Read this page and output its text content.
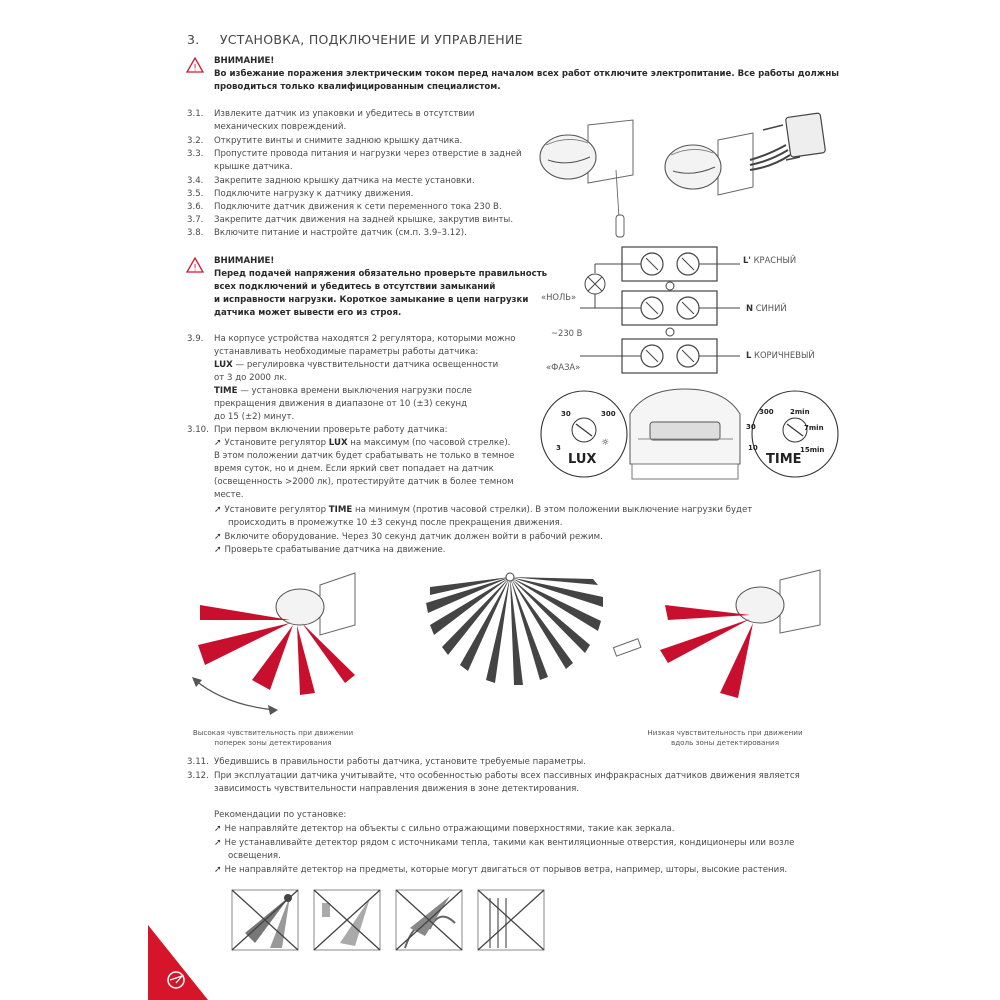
3. УСТАНОВКА, ПОДКЛЮЧЕНИЕ И УПРАВЛЕНИЕ
!
ВНИМАНИЕ!
Во избежание поражения электрическим током перед началом всех работ отключите электропитание. Все работы должны
проводиться только квалифицированным специалистом.
3.1. Извлеките датчик из упаковки и убедитесь в отсутствии
механических повреждений.
3.2. Открутите винты и снимите заднюю крышку датчика.
3.3. Пропустите провода питания и нагрузки через отверстие в задней
крышке датчика.
3.4. Закрепите заднюю крышку датчика на месте установки.
3.5. Подключите нагрузку к датчику движения.
3.6. Подключите датчик движения к сети переменного тока 230 В.
3.7. Закрепите датчик движения на задней крышке, закрутив винты.
3.8. Включите питание и настройте датчик (см.п. 3.9–3.12).
!
ВНИМАНИЕ!
Перед подачей напряжения обязательно проверьте правильность
всех подключений и убедитесь в отсутствии замыканий
и исправности нагрузки. Короткое замыкание в цепи нагрузки
датчика может вывести его из строя.
3.9. На корпусе устройства находятся 2 регулятора, которыми можно
устанавливать необходимые параметры работы датчика:
LUX — регулировка чувствительности датчика освещенности
от 3 до 2000 лк.
TIME — установка времени выключения нагрузки после
прекращения движения в диапазоне от 10 (±3) секунд
до 15 (±2) минут.
3.10. При первом включении проверьте работу датчика:
➚ Установите регулятор LUX на максимум (по часовой стрелке).
В этом положении датчик будет срабатывать не только в темное
время суток, но и днем. Если яркий свет попадает на датчик
(освещенность >2000 лк), протестируйте датчик в более темном
месте.
➚ Установите регулятор TIME на минимум (против часовой стрелки). В этом положении выключение нагрузки будет
происходить в промежутке 10 ±3 секунд после прекращения движения.
➚ Включите оборудование. Через 30 секунд датчик должен войти в рабочий режим.
➚ Проверьте срабатывание датчика на движение.
L' КРАСНЫЙ
N СИНИЙ
L КОРИЧНЕВЫЙ
«НОЛЬ»
~230 В
«ФАЗА»
30	300
3	☼
LUX
300 2min
7min
30
10	15min
TIME
Высокая чувствительность при движении
поперек зоны детектирования
Низкая чувствительность при движении
вдоль зоны детектирования
3.11. Убедившись в правильности работы датчика, установите требуемые параметры.
3.12. При эксплуатации датчика учитывайте, что особенностью работы всех пассивных инфракрасных датчиков движения является
зависимость чувствительности направления движения в зоне детектирования.
Рекомендации по установке:
➚ Не направляйте детектор на объекты с сильно отражающими поверхностями, такие как зеркала.
➚ Не устанавливайте детектор рядом с источниками тепла, такими как вентиляционные отверстия, кондиционеры или возле
освещения.
➚ Не направляйте детектор на предметы, которые могут двигаться от порывов ветра, например, шторы, высокие растения.
